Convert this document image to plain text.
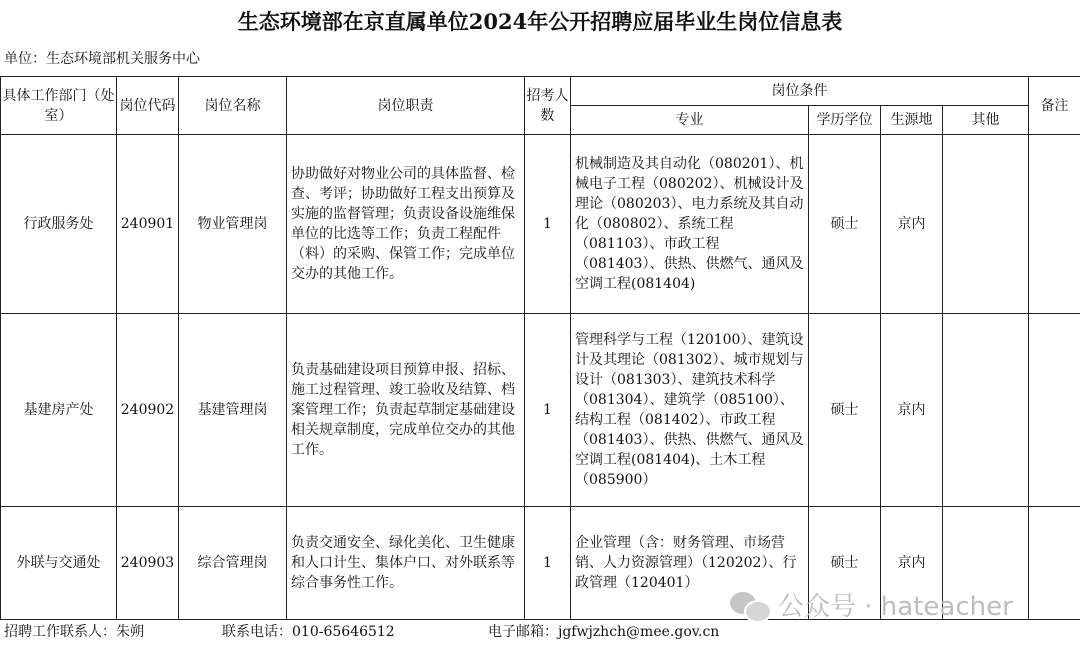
生态环境部在京直属单位2024年公开招聘应届毕业生岗位信息表
单位：生态环境部机关服务中心
具体工作部门（处室）	岗位代码	岗位名称	岗位职责	招考人数	岗位条件				备注
					专业	学历学位	生源地	其他	
行政服务处	240901	物业管理岗	协助做好对物业公司的具体监督、检查、考评；协助做好工程支出预算及实施的监督管理；负责设备设施维保单位的比选等工作；负责工程配件（料）的采购、保管工作；完成单位交办的其他工作。	1	机械制造及其自动化（080201）、机械电子工程（080202）、机械设计及理论（080203）、电力系统及其自动化（080802）、系统工程（081103）、市政工程（081403）、供热、供燃气、通风及空调工程(081404)	硕士	京内		
基建房产处	240902	基建管理岗	负责基础建设项目预算申报、招标、施工过程管理、竣工验收及结算、档案管理工作；负责起草制定基础建设相关规章制度，完成单位交办的其他工作。	1	管理科学与工程（120100）、建筑设计及其理论（081302）、城市规划与设计（081303）、建筑技术科学（081304）、建筑学（085100）、结构工程（081402）、市政工程（081403）、供热、供燃气、通风及空调工程(081404)、土木工程（085900）	硕士	京内		
外联与交通处	240903	综合管理岗	负责交通安全、绿化美化、卫生健康和人口计生、集体户口、对外联系等综合事务性工作。	1	企业管理（含：财务管理、市场营销、人力资源管理）（120202）、行政管理（120401）	硕士	京内		
招聘工作联系人：朱朔	联系电话：010-65646512	电子邮箱：jgfwjzhch@mee.gov.cn
公众号 · hateacher
